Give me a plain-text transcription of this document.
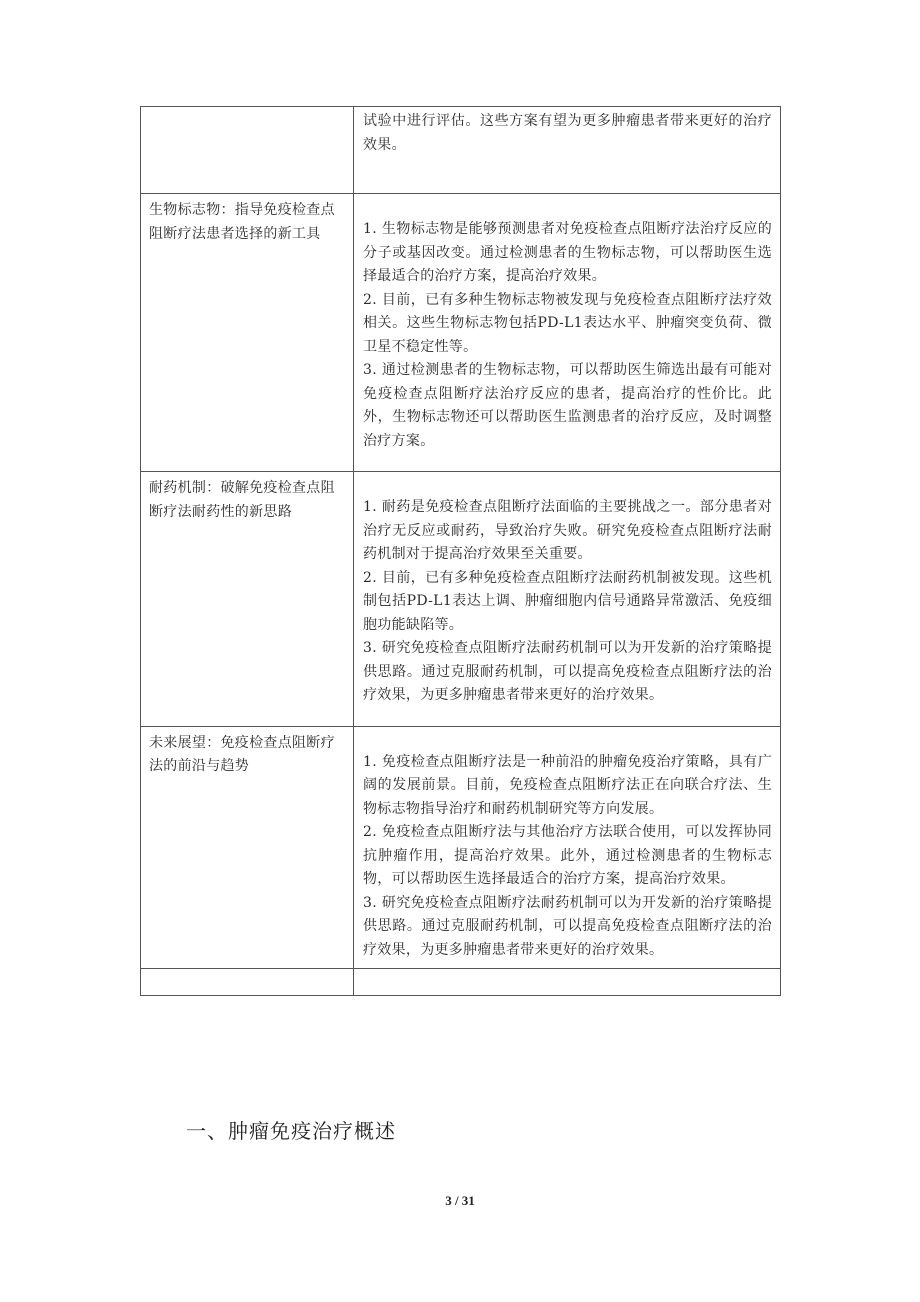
	试验中进行评估。这些方案有望为更多肿瘤患者带来更好的治疗效果。

生物标志物：指导免疫检查点阻断疗法患者选择的新工具	1. 生物标志物是能够预测患者对免疫检查点阻断疗法治疗反应的分子或基因改变。通过检测患者的生物标志物，可以帮助医生选择最适合的治疗方案，提高治疗效果。

2. 目前，已有多种生物标志物被发现与免疫检查点阻断疗法疗效相关。这些生物标志物包括PD-L1表达水平、肿瘤突变负荷、微卫星不稳定性等。

3. 通过检测患者的生物标志物，可以帮助医生筛选出最有可能对免疫检查点阻断疗法治疗反应的患者，提高治疗的性价比。此外，生物标志物还可以帮助医生监测患者的治疗反应，及时调整治疗方案。

耐药机制：破解免疫检查点阻断疗法耐药性的新思路	1. 耐药是免疫检查点阻断疗法面临的主要挑战之一。部分患者对治疗无反应或耐药，导致治疗失败。研究免疫检查点阻断疗法耐药机制对于提高治疗效果至关重要。

2. 目前，已有多种免疫检查点阻断疗法耐药机制被发现。这些机制包括PD-L1表达上调、肿瘤细胞内信号通路异常激活、免疫细胞功能缺陷等。

3. 研究免疫检查点阻断疗法耐药机制可以为开发新的治疗策略提供思路。通过克服耐药机制，可以提高免疫检查点阻断疗法的治疗效果，为更多肿瘤患者带来更好的治疗效果。

未来展望：免疫检查点阻断疗法的前沿与趋势	1. 免疫检查点阻断疗法是一种前沿的肿瘤免疫治疗策略，具有广阔的发展前景。目前，免疫检查点阻断疗法正在向联合疗法、生物标志物指导治疗和耐药机制研究等方向发展。

2. 免疫检查点阻断疗法与其他治疗方法联合使用，可以发挥协同抗肿瘤作用，提高治疗效果。此外，通过检测患者的生物标志物，可以帮助医生选择最适合的治疗方案，提高治疗效果。

3. 研究免疫检查点阻断疗法耐药机制可以为开发新的治疗策略提供思路。通过克服耐药机制，可以提高免疫检查点阻断疗法的治疗效果，为更多肿瘤患者带来更好的治疗效果。

一、肿瘤免疫治疗概述
3 / 31
